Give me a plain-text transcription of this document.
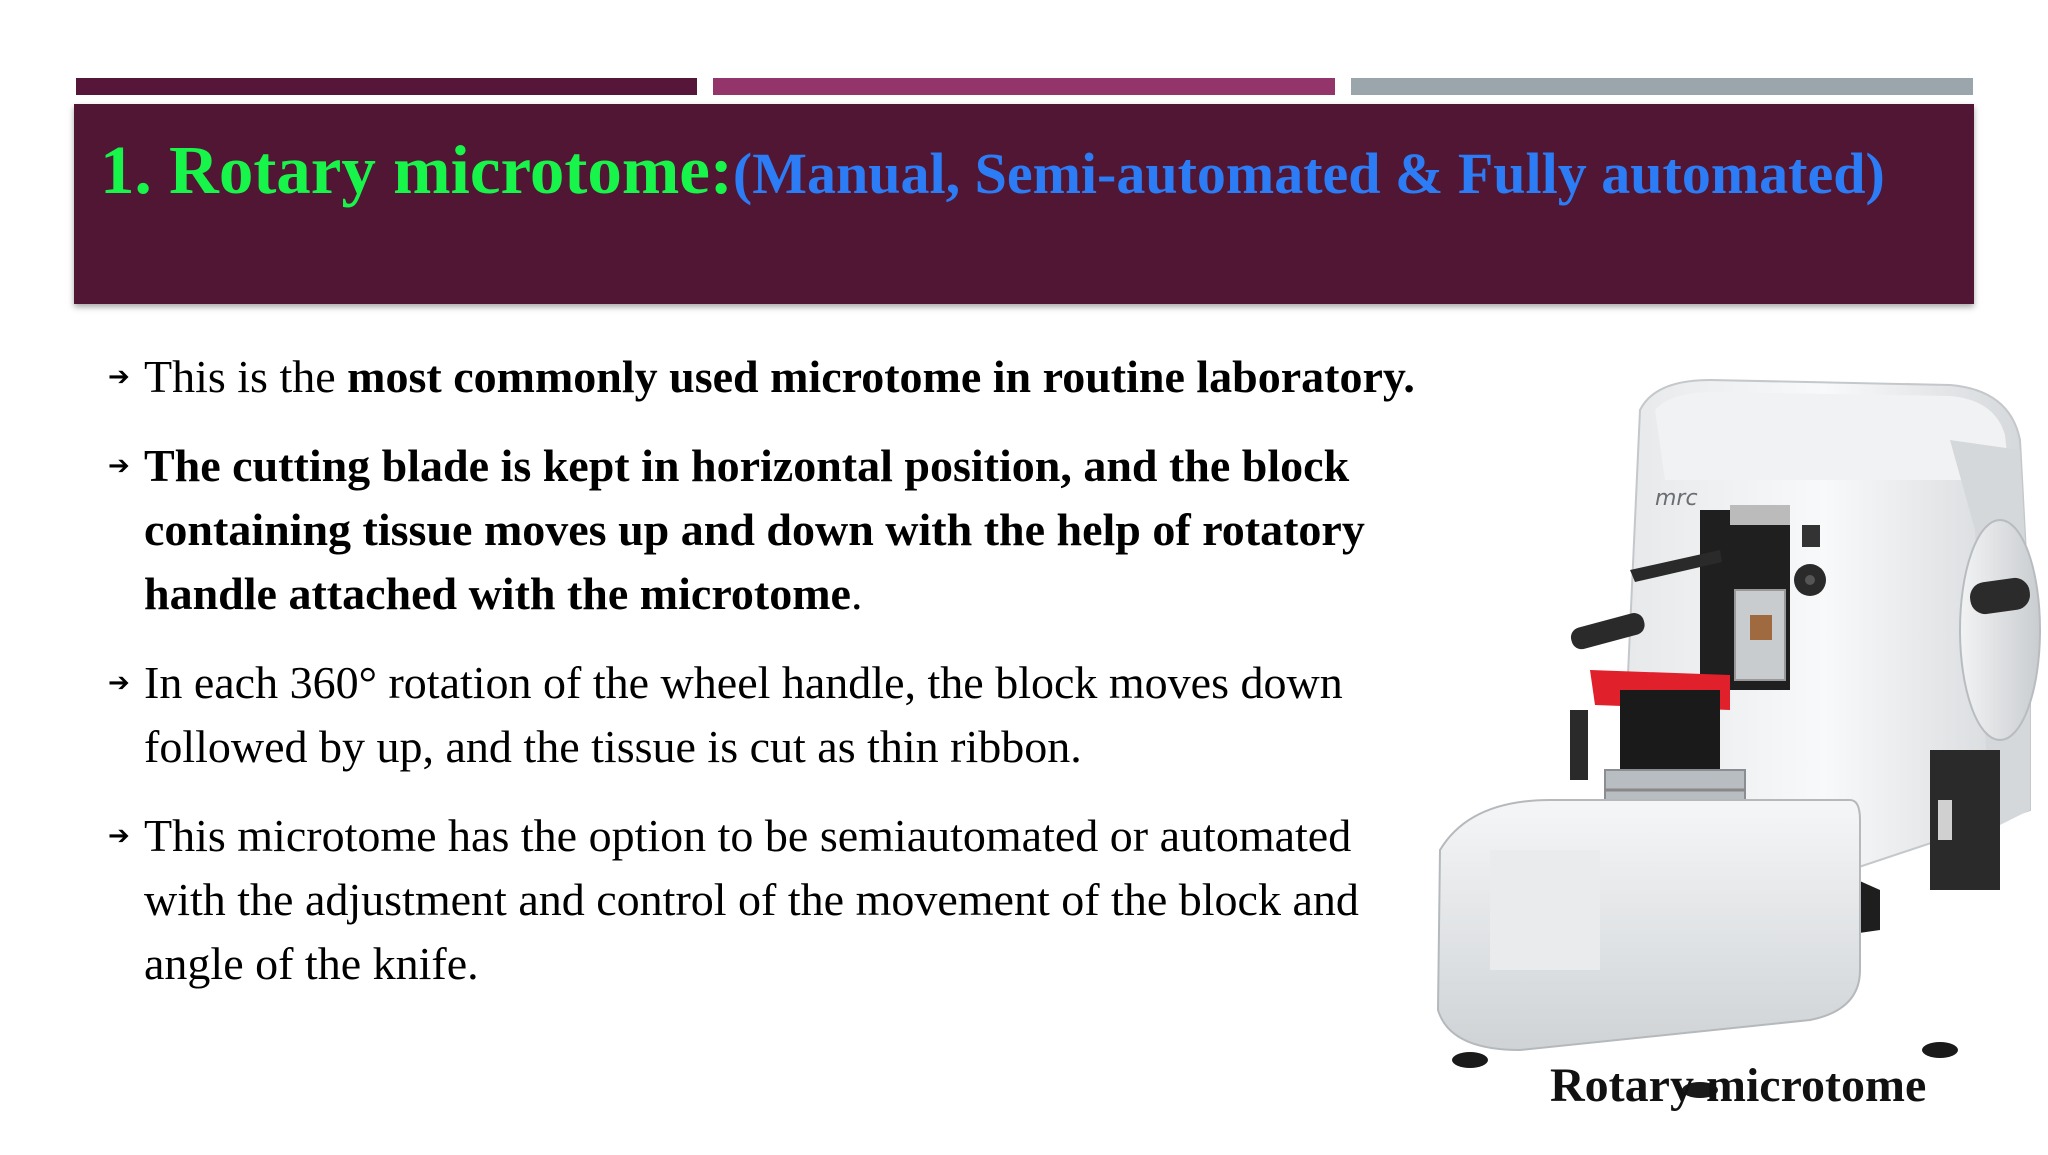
1. Rotary microtome:(Manual, Semi-automated & Fully automated)
➔ This is the most commonly used microtome in routine laboratory.
➔ The cutting blade is kept in horizontal position, and the block containing tissue moves up and down with the help of rotatory handle attached with the microtome.
➔ In each 360° rotation of the wheel handle, the block moves down followed by up, and the tissue is cut as thin ribbon.
➔ This microtome has the option to be semiautomated or automated with the adjustment and control of the movement of the block and angle of the knife.
mrc
Rotary microtome
